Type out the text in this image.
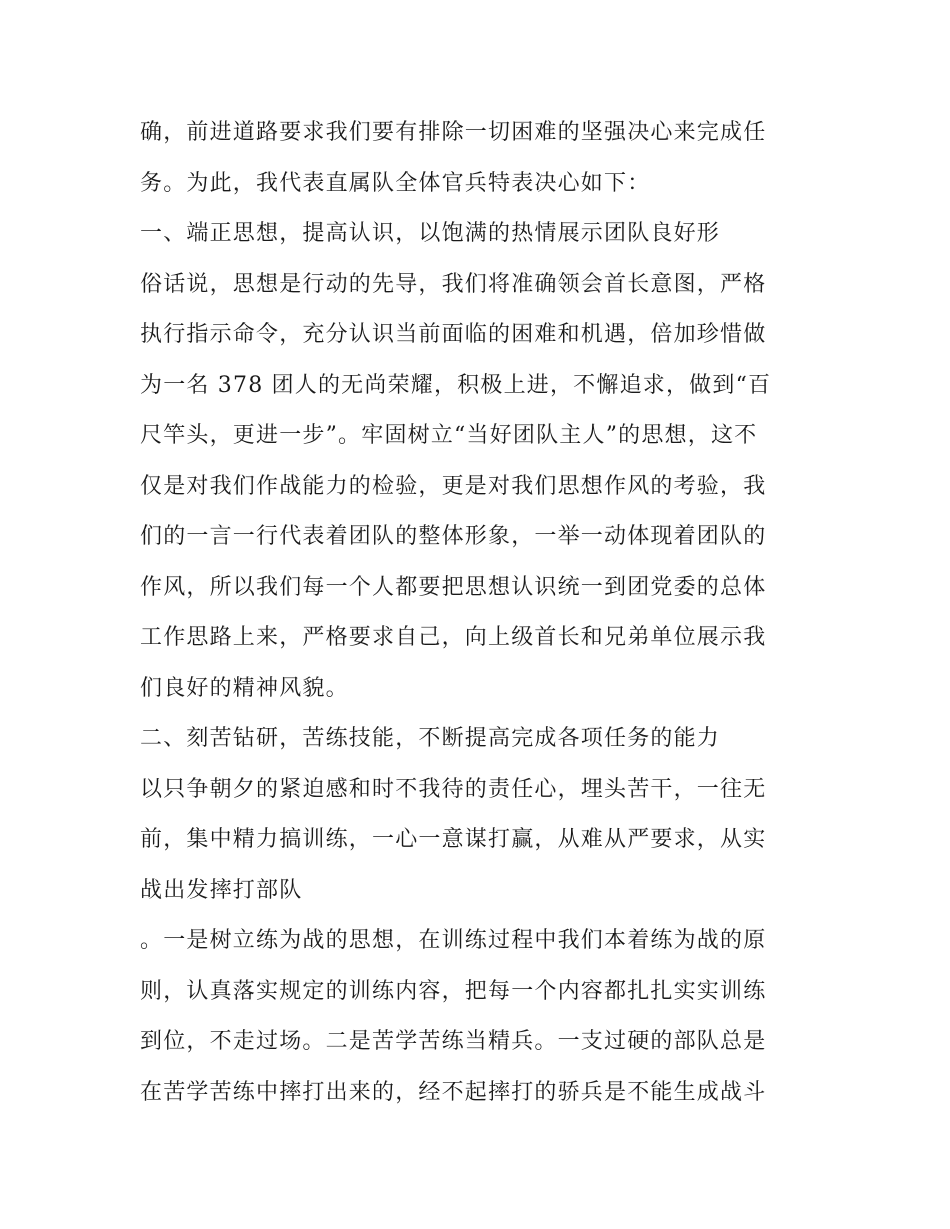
确，前进道路要求我们要有排除一切困难的坚强决心来完成任
务。为此，我代表直属队全体官兵特表决心如下：
一、端正思想，提高认识，以饱满的热情展示团队良好形
俗话说，思想是行动的先导，我们将准确领会首长意图，严格
执行指示命令，充分认识当前面临的困难和机遇，倍加珍惜做
为一名 378 团人的无尚荣耀，积极上进，不懈追求，做到“百
尺竿头，更进一步”。牢固树立“当好团队主人”的思想，这不
仅是对我们作战能力的检验，更是对我们思想作风的考验，我
们的一言一行代表着团队的整体形象，一举一动体现着团队的
作风，所以我们每一个人都要把思想认识统一到团党委的总体
工作思路上来，严格要求自己，向上级首长和兄弟单位展示我
们良好的精神风貌。
二、刻苦钻研，苦练技能，不断提高完成各项任务的能力
以只争朝夕的紧迫感和时不我待的责任心，埋头苦干，一往无
前，集中精力搞训练，一心一意谋打赢，从难从严要求，从实
战出发摔打部队
。一是树立练为战的思想，在训练过程中我们本着练为战的原
则，认真落实规定的训练内容，把每一个内容都扎扎实实训练
到位，不走过场。二是苦学苦练当精兵。一支过硬的部队总是
在苦学苦练中摔打出来的，经不起摔打的骄兵是不能生成战斗
